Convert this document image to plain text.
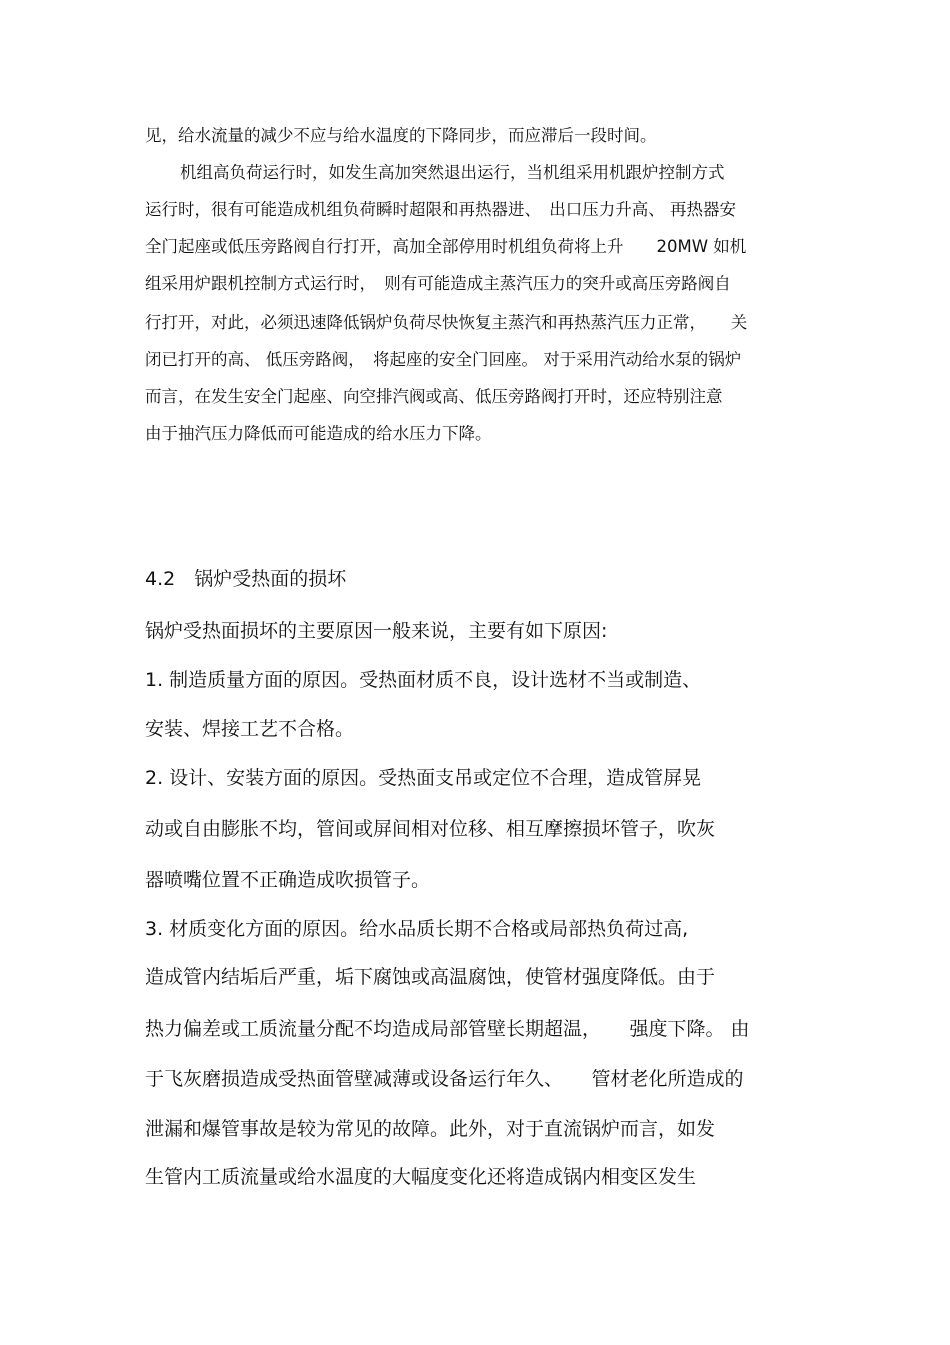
见，给水流量的减少不应与给水温度的下降同步，而应滞后一段时间。

机组高负荷运行时，如发生高加突然退出运行，当机组采用机跟炉控制方式

运行时，很有可能造成机组负荷瞬时超限和再热器进、　出口压力升高、 再热器安

全门起座或低压旁路阀自行打开，高加全部停用时机组负荷将上升　　20MW 如机

组采用炉跟机控制方式运行时，　则有可能造成主蒸汽压力的突升或高压旁路阀自

行打开，对此，必须迅速降低锅炉负荷尽快恢复主蒸汽和再热蒸汽压力正常，　　关

闭已打开的高、 低压旁路阀，　将起座的安全门回座。 对于采用汽动给水泵的锅炉

而言，在发生安全门起座、向空排汽阀或高、低压旁路阀打开时，还应特别注意

由于抽汽压力降低而可能造成的给水压力下降。

4.2　锅炉受热面的损坏

锅炉受热面损坏的主要原因一般来说，主要有如下原因:

1. 制造质量方面的原因。受热面材质不良，设计选材不当或制造、

安装、焊接工艺不合格。

2. 设计、安装方面的原因。受热面支吊或定位不合理，造成管屏晃

动或自由膨胀不均，管间或屏间相对位移、相互摩擦损坏管子，吹灰

器喷嘴位置不正确造成吹损管子。

3. 材质变化方面的原因。给水品质长期不合格或局部热负荷过高,

造成管内结垢后严重，垢下腐蚀或高温腐蚀，使管材强度降低。由于

热力偏差或工质流量分配不均造成局部管壁长期超温，　　强度下降。 由

于飞灰磨损造成受热面管壁减薄或设备运行年久、　　管材老化所造成的

泄漏和爆管事故是较为常见的故障。此外，对于直流锅炉而言，如发

生管内工质流量或给水温度的大幅度变化还将造成锅内相变区发生
